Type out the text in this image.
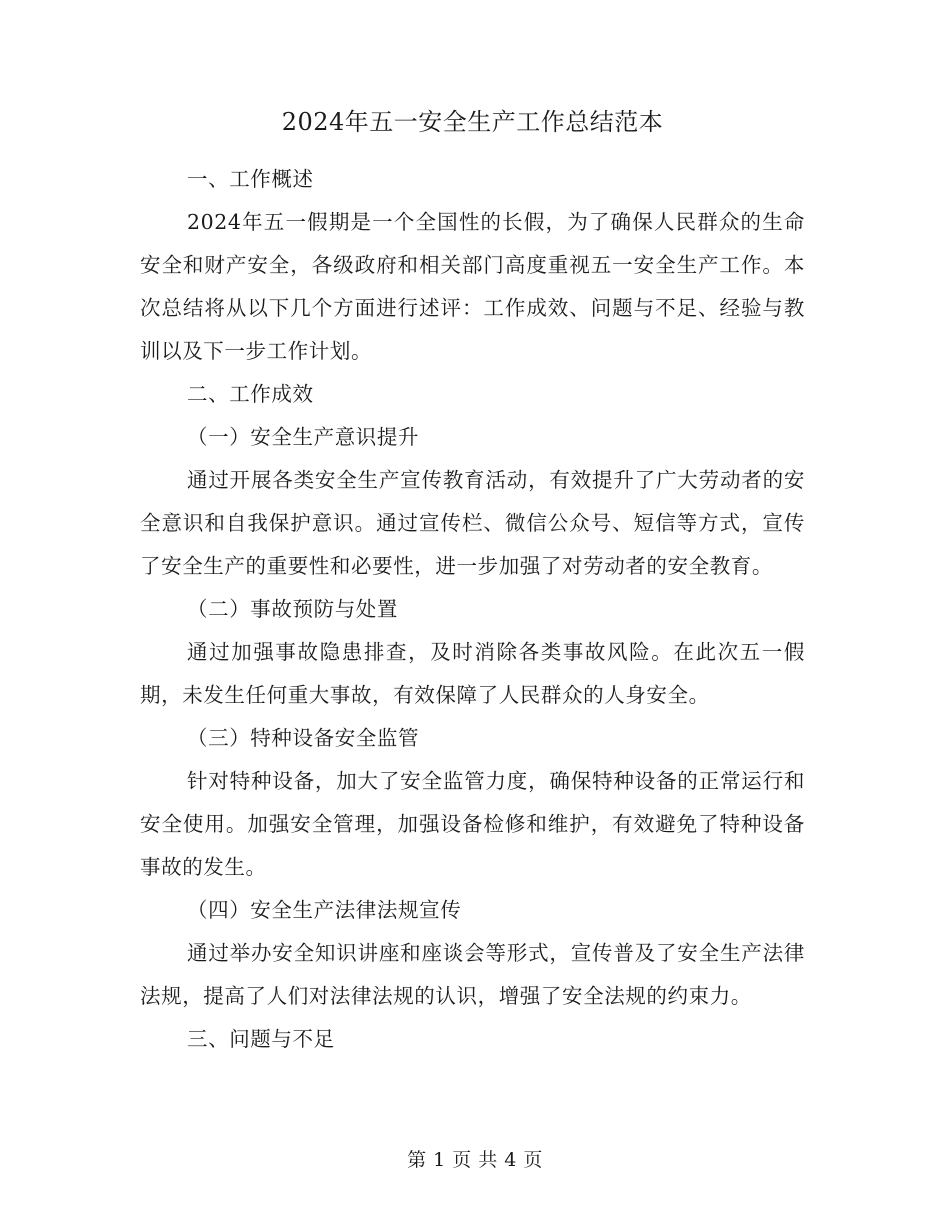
2024年五一安全生产工作总结范本

一、工作概述

2024年五一假期是一个全国性的长假，为了确保人民群众的生命安全和财产安全，各级政府和相关部门高度重视五一安全生产工作。本次总结将从以下几个方面进行述评：工作成效、问题与不足、经验与教训以及下一步工作计划。

二、工作成效

（一）安全生产意识提升

通过开展各类安全生产宣传教育活动，有效提升了广大劳动者的安全意识和自我保护意识。通过宣传栏、微信公众号、短信等方式，宣传了安全生产的重要性和必要性，进一步加强了对劳动者的安全教育。

（二）事故预防与处置

通过加强事故隐患排查，及时消除各类事故风险。在此次五一假期，未发生任何重大事故，有效保障了人民群众的人身安全。

（三）特种设备安全监管

针对特种设备，加大了安全监管力度，确保特种设备的正常运行和安全使用。加强安全管理，加强设备检修和维护，有效避免了特种设备事故的发生。

（四）安全生产法律法规宣传

通过举办安全知识讲座和座谈会等形式，宣传普及了安全生产法律法规，提高了人们对法律法规的认识，增强了安全法规的约束力。

三、问题与不足

第 1 页 共 4 页
